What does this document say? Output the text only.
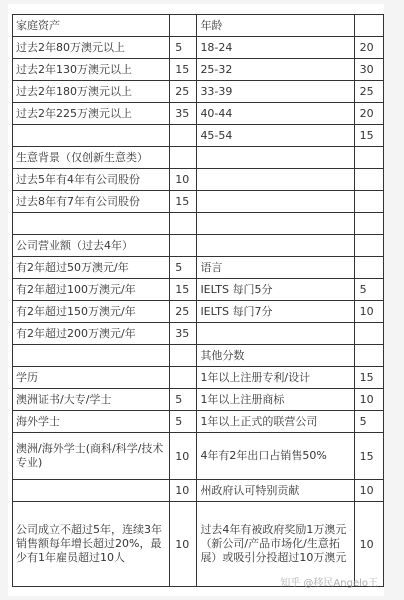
家庭资产		年龄	
过去2年80万澳元以上	5	18-24	20
过去2年130万澳元以上	15	25-32	30
过去2年180万澳元以上	25	33-39	25
过去2年225万澳元以上	35	40-44	20
		45-54	15
生意背景（仅创新生意类）			
过去5年有4年有公司股份	10		
过去8年有7年有公司股份	15		

公司营业额（过去4年）			
有2年超过50万澳元/年	5	语言	
有2年超过100万澳元/年	15	IELTS 每门5分	5
有2年超过150万澳元/年	25	IELTS 每门7分	10
有2年超过200万澳元/年	35		
		其他分数	
学历		1年以上注册专利/设计	15
澳洲证书/大专/学士	5	1年以上注册商标	10
海外学士	5	1年以上正式的联营公司	5
澳洲/海外学士(商科/科学/技术专业)	10	4年有2年出口占销售50%	15
	10	州政府认可特别贡献	10
公司成立不超过5年，连续3年销售额每年增长超过20%，最少有1年雇员超过10人	10	过去4年有被政府奖励1万澳元（新公司/产品市场化/生意拓展）或吸引分投超过10万澳元	10
知乎 @移民Angelo王
